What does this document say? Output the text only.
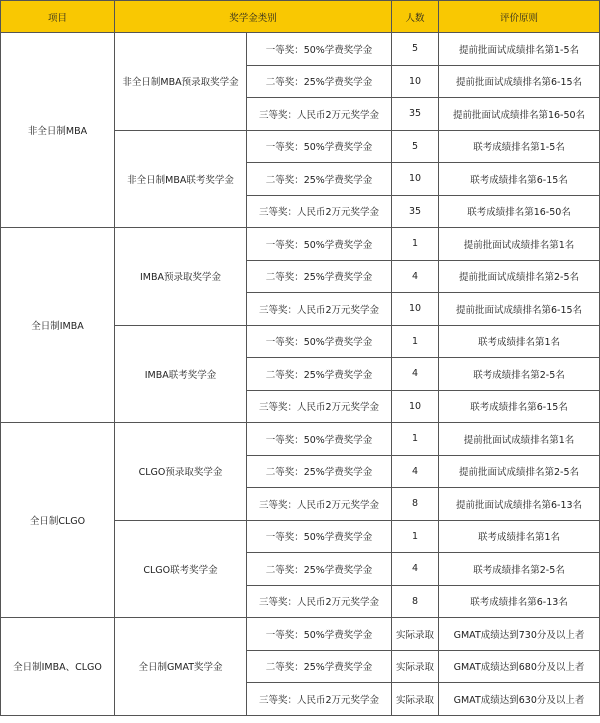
项目	奖学金类别		人数	评价原则
非全日制MBA	非全日制MBA预录取奖学金	一等奖：50%学费奖学金	5	提前批面试成绩排名第1-5名
		二等奖：25%学费奖学金	10	提前批面试成绩排名第6-15名
		三等奖：人民币2万元奖学金	35	提前批面试成绩排名第16-50名
	非全日制MBA联考奖学金	一等奖：50%学费奖学金	5	联考成绩排名第1-5名
		二等奖：25%学费奖学金	10	联考成绩排名第6-15名
		三等奖：人民币2万元奖学金	35	联考成绩排名第16-50名
全日制IMBA	IMBA预录取奖学金	一等奖：50%学费奖学金	1	提前批面试成绩排名第1名
		二等奖：25%学费奖学金	4	提前批面试成绩排名第2-5名
		三等奖：人民币2万元奖学金	10	提前批面试成绩排名第6-15名
	IMBA联考奖学金	一等奖：50%学费奖学金	1	联考成绩排名第1名
		二等奖：25%学费奖学金	4	联考成绩排名第2-5名
		三等奖：人民币2万元奖学金	10	联考成绩排名第6-15名
全日制CLGO	CLGO预录取奖学金	一等奖：50%学费奖学金	1	提前批面试成绩排名第1名
		二等奖：25%学费奖学金	4	提前批面试成绩排名第2-5名
		三等奖：人民币2万元奖学金	8	提前批面试成绩排名第6-13名
	CLGO联考奖学金	一等奖：50%学费奖学金	1	联考成绩排名第1名
		二等奖：25%学费奖学金	4	联考成绩排名第2-5名
		三等奖：人民币2万元奖学金	8	联考成绩排名第6-13名
全日制IMBA、CLGO	全日制GMAT奖学金	一等奖：50%学费奖学金	实际录取	GMAT成绩达到730分及以上者
		二等奖：25%学费奖学金	实际录取	GMAT成绩达到680分及以上者
		三等奖：人民币2万元奖学金	实际录取	GMAT成绩达到630分及以上者
